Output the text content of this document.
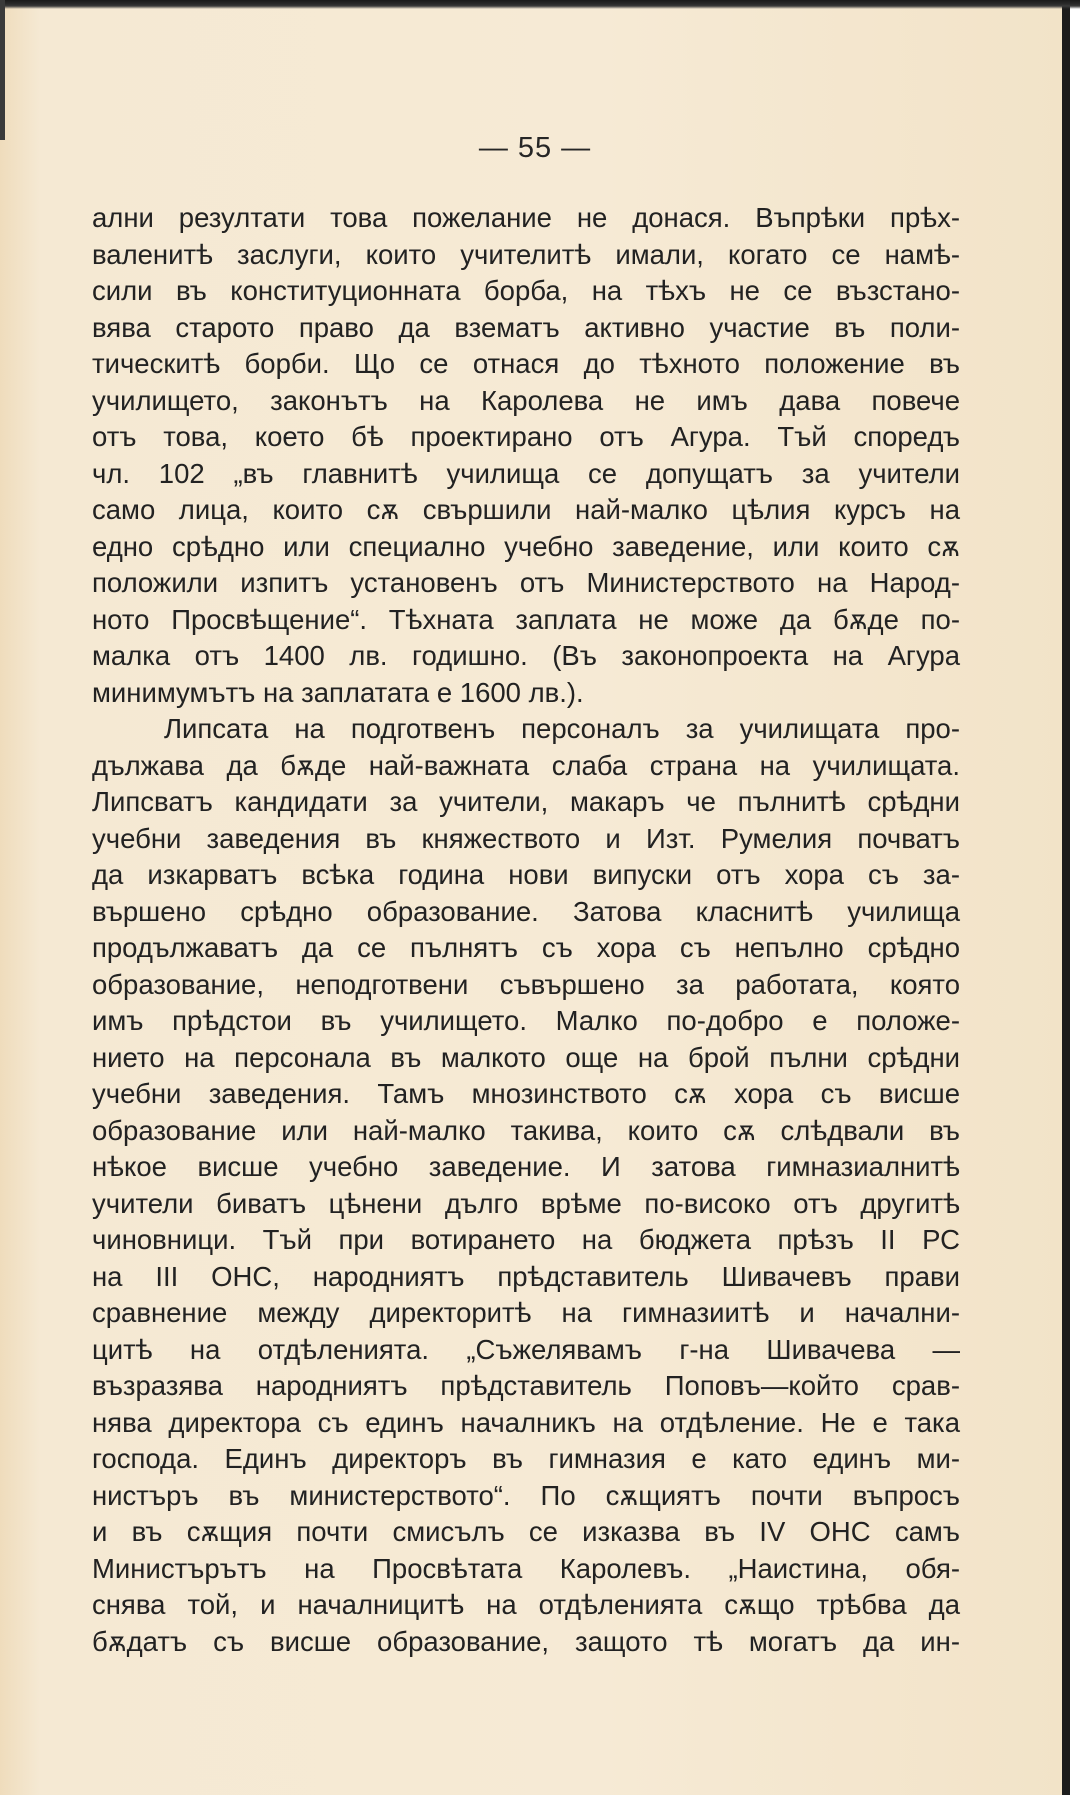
— 55 —
ални резултати това пожелание не донася. Въпрѣки прѣх-
валенитѣ заслуги, които учителитѣ имали, когато се намѣ-
сили въ конституционната борба, на тѣхъ не се възстано-
вява старото право да взематъ активно участие въ поли-
тическитѣ борби. Що се отнася до тѣхното положение въ
училището, законътъ на Каролева не имъ дава повече
отъ това, което бѣ проектирано отъ Агура. Тъй споредъ
чл. 102 „въ главнитѣ училища се допущатъ за учители
само лица, които сѫ свършили най-малко цѣлия курсъ на
едно срѣдно или специално учебно заведение, или които сѫ
положили изпитъ установенъ отъ Министерството на Народ-
ното Просвѣщение“. Тѣхната заплата не може да бѫде по-
малка отъ 1400 лв. годишно. (Въ законопроекта на Агура
минимумътъ на заплатата е 1600 лв.).
Липсата на подготвенъ персоналъ за училищата про-
дължава да бѫде най-важната слаба страна на училищата.
Липсватъ кандидати за учители, макаръ че пълнитѣ срѣдни
учебни заведения въ княжеството и Изт. Румелия почватъ
да изкарватъ всѣка година нови випуски отъ хора съ за-
вършено срѣдно образование. Затова класнитѣ училища
продължаватъ да се пълнятъ съ хора съ непълно срѣдно
образование, неподготвени съвършено за работата, която
имъ прѣдстои въ училището. Малко по-добро е положе-
нието на персонала въ малкото още на брой пълни срѣдни
учебни заведения. Тамъ мнозинството сѫ хора съ висше
образование или най-малко такива, които сѫ слѣдвали въ
нѣкое висше учебно заведение. И затова гимназиалнитѣ
учители биватъ цѣнени дълго врѣме по-високо отъ другитѣ
чиновници. Тъй при вотирането на бюджета прѣзъ II РС
на III ОНС, народниятъ прѣдставитель Шивачевъ прави
сравнение между директоритѣ на гимназиитѣ и начални-
цитѣ на отдѣленията. „Съжелявамъ г-на Шивачева —
възразява народниятъ прѣдставитель Поповъ—който срав-
нява директора съ единъ началникъ на отдѣление. Не е така
господа. Единъ директоръ въ гимназия е като единъ ми-
нистъръ въ министерството“. По сѫщиятъ почти въпросъ
и въ сѫщия почти смисълъ се изказва въ IV ОНС самъ
Министърътъ на Просвѣтата Каролевъ. „Наистина, обя-
снява той, и началницитѣ на отдѣленията сѫщо трѣбва да
бѫдатъ съ висше образование, защото тѣ могатъ да ин-
